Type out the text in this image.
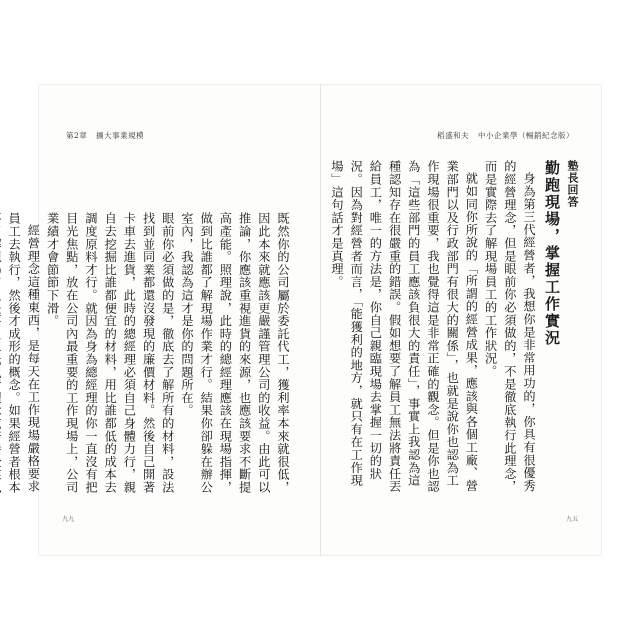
第2章 擴大事業規模	稻盛和夫 中小企業學（暢銷紀念版）
塾長回答
勤跑現場，掌握工作實況

身為第三代經營者，我想你是非常用功的，你具有很優秀的經營理念，但是眼前你必須做的，不是徹底執行此理念，而是實際去了解現場員工的工作狀況。

就如同你所說的「所謂的經營成果，應該與各個工廠、營業部門以及行政部門有很大的關係」，也就是說你也認為工作現場很重要，我也覺得這是非常正確的觀念。但是你也認為「這些部門的員工應該負很大的責任」，事實上我認為這種認知存在很嚴重的錯誤。假如想要了解員工無法將責任丟給員工，唯一的方法是，你自己親臨現場去掌握一切的狀況。因為對經營者而言，「能獲利的地方，就只有在工作現場」這句話才是真理。

既然你的公司屬於委託代工，獲利率本來就很低，因此本來就應該更嚴謹管理公司的收益。由此可以推論，你應該重視進貨的來源，也應該要求不斷提高產能。照理說，此時的總經理應該在現場指揮，做到比誰都了解現場作業才行。結果你卻躲在辦公室內，我認為這才是你的問題所在。

眼前你必須做的是，徹底去了解所有的材料，設法找到並同業都還沒發現的廉價材料。然後自己開著卡車去進貨，此時的總經理必須自己身體力行，親自去挖掘比誰都便宜的材料，用比誰都低的成本去調度原料才行。就因為身為總經理的你一直沒有把目光焦點，放在公司內最重要的工作現場上，公司業績才會節節下滑。

經營理念這種東西，是每天在工作現場嚴格要求員工去執行，然後才成形的概念。如果經營者根本

九九	九五
